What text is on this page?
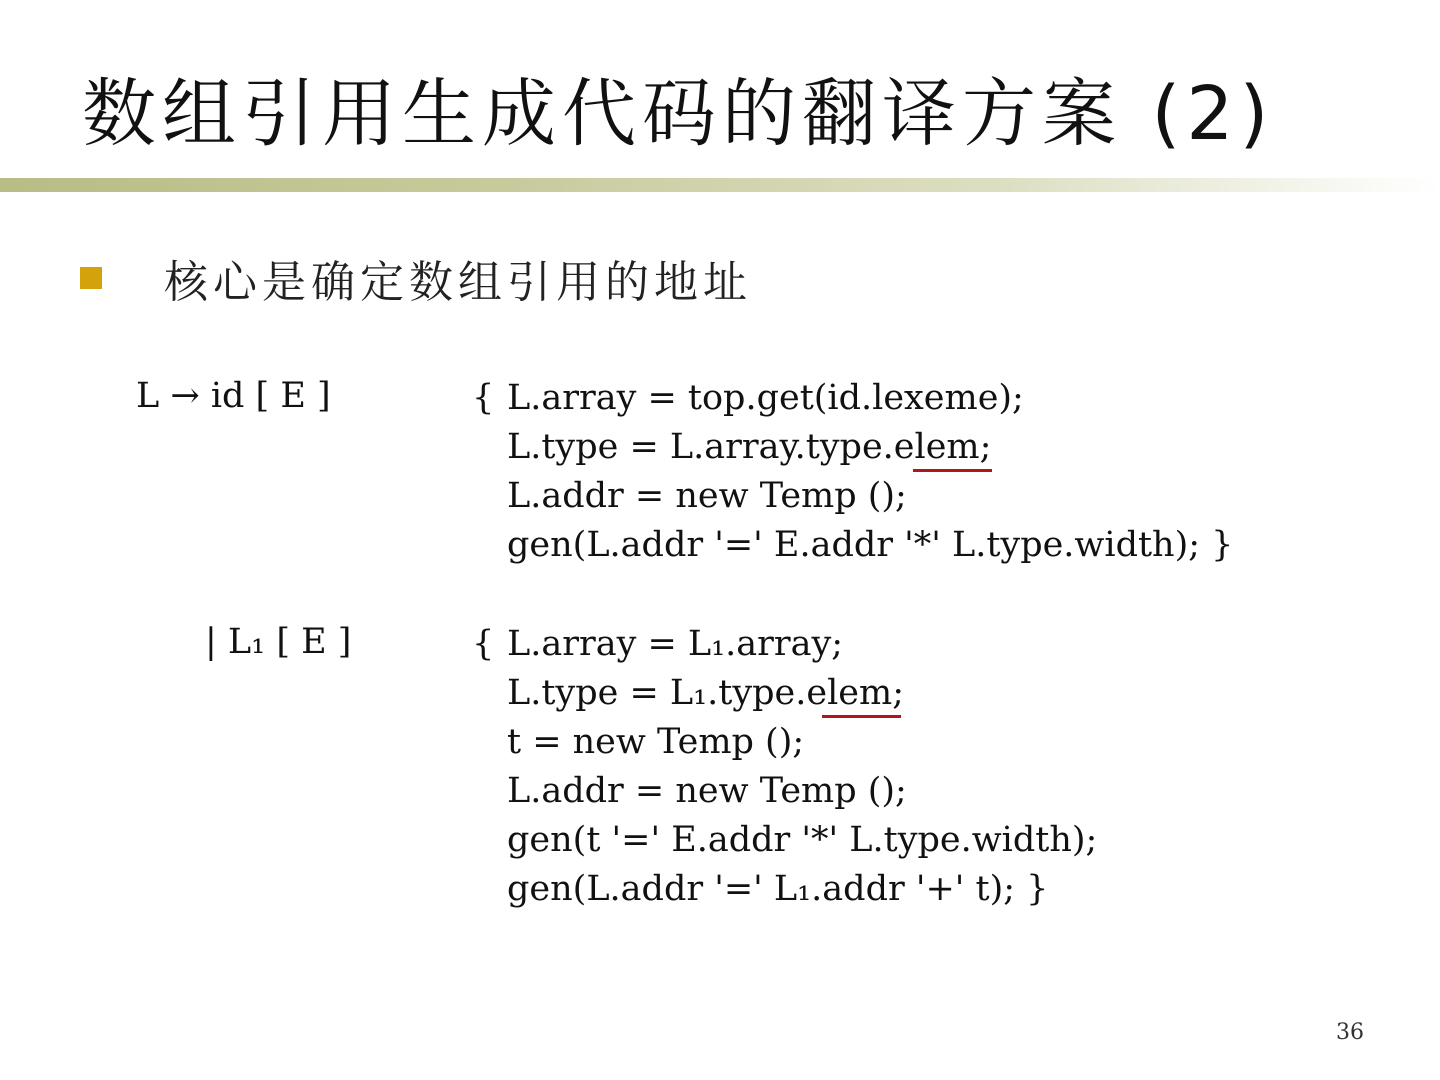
数组引用生成代码的翻译方案 (2)
核心是确定数组引用的地址
L → id [ E ]	{ L.array = top.get(id.lexeme);
L.type = L.array.type.elem;
L.addr = new Temp ();
gen(L.addr '=' E.addr '*' L.type.width); }
| L₁ [ E ]	{ L.array = L₁.array;
L.type = L₁.type.elem;
t = new Temp ();
L.addr = new Temp ();
gen(t '=' E.addr '*' L.type.width);
gen(L.addr '=' L₁.addr '+' t); }
36
